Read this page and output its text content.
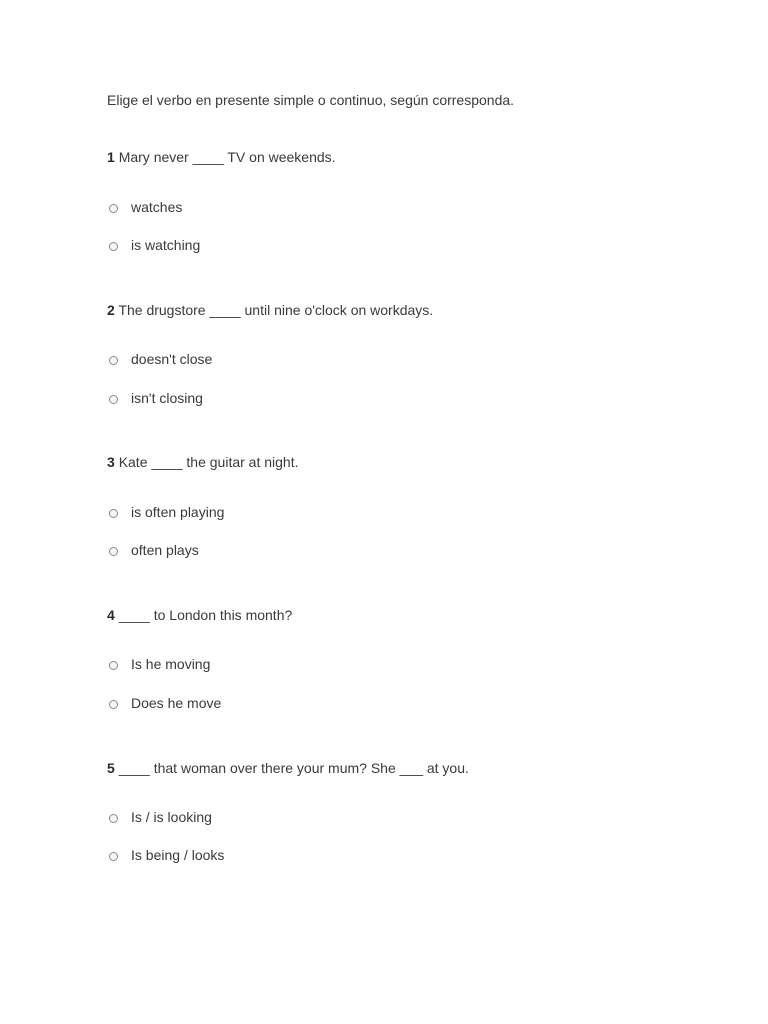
Elige el verbo en presente simple o continuo, según corresponda.
1 Mary never ____ TV on weekends.
watches
is watching
2 The drugstore ____ until nine o'clock on workdays.
doesn't close
isn't closing
3 Kate ____ the guitar at night.
is often playing
often plays
4 ____ to London this month?
Is he moving
Does he move
5 ____ that woman over there your mum? She ___ at you.
Is / is looking
Is being / looks
